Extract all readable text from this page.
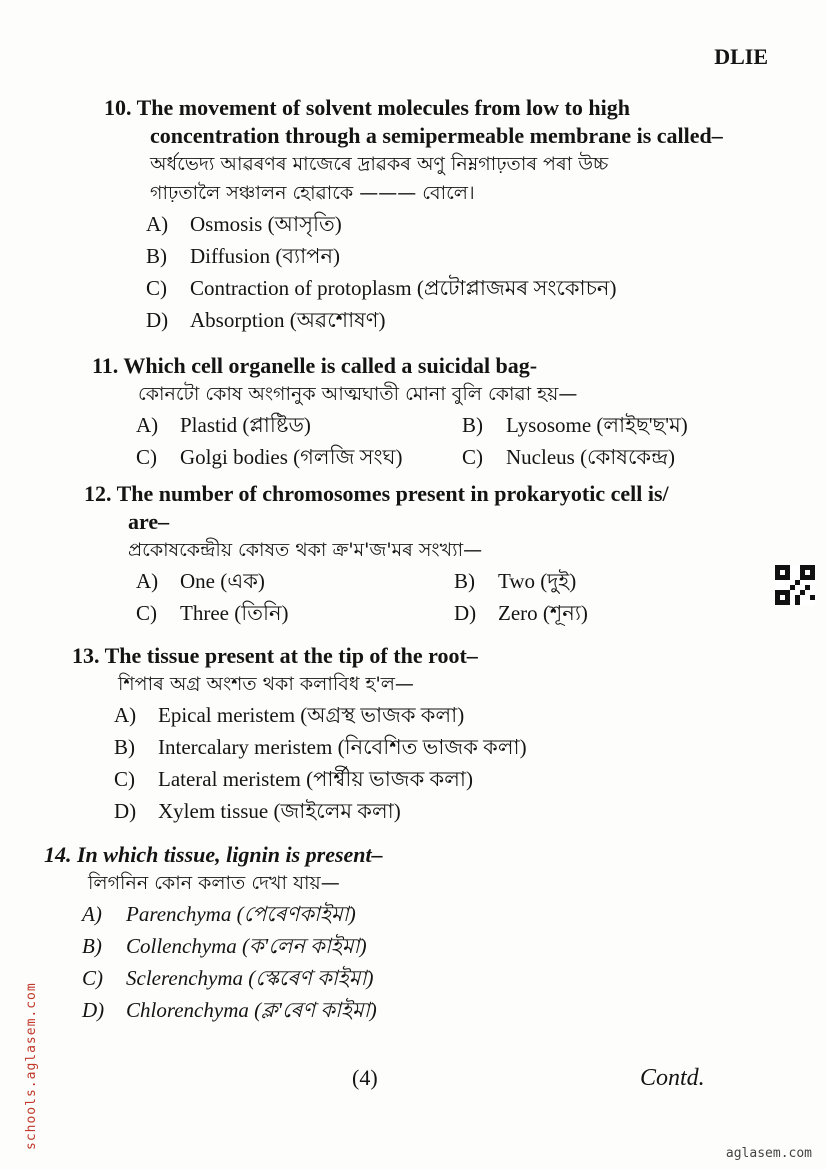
DLIE
10. The movement of solvent molecules from low to high
concentration through a semipermeable membrane is called–
অৰ্ধভেদ্য আৱৰণৰ মাজেৰে দ্ৰাৱকৰ অণু নিম্নগাঢ়তাৰ পৰা উচ্চ
গাঢ়তালৈ সঞ্চালন হোৱাকে ——— বোলে।
A) Osmosis (আসৃতি)
B) Diffusion (ব্যাপন)
C) Contraction of protoplasm (প্ৰটোপ্লাজমৰ সংকোচন)
D) Absorption (অৱশোষণ)
11. Which cell organelle is called a suicidal bag-
কোনটো কোষ অংগানুক আত্মঘাতী মোনা বুলি কোৱা হয়—
A) Plastid (প্লাষ্টিড)	B) Lysosome (লাইছ'ছ'ম)
C) Golgi bodies (গলজি সংঘ)	C) Nucleus (কোষকেন্দ্ৰ)
12. The number of chromosomes present in prokaryotic cell is/
are–
প্ৰকোষকেন্দ্ৰীয় কোষত থকা ক্ৰ'ম'জ'মৰ সংখ্যা—
A) One (এক)	B) Two (দুই)
C) Three (তিনি)	D) Zero (শূন্য)
13. The tissue present at the tip of the root–
শিপাৰ অগ্ৰ অংশত থকা কলাবিধ হ'ল—
A) Epical meristem (অগ্ৰস্থ ভাজক কলা)
B) Intercalary meristem (নিবেশিত ভাজক কলা)
C) Lateral meristem (পাৰ্শ্বীয় ভাজক কলা)
D) Xylem tissue (জাইলেম কলা)
14. In which tissue, lignin is present–
লিগনিন কোন কলাত দেখা যায়—
A) Parenchyma (পেৰেণকাইমা)
B) Collenchyma (ক'লেন কাইমা)
C) Sclerenchyma (স্কেৰেণ কাইমা)
D) Chlorenchyma (ক্ল'ৰেণ কাইমা)
(4)	Contd.
schools.aglasem.com
aglasem.com
